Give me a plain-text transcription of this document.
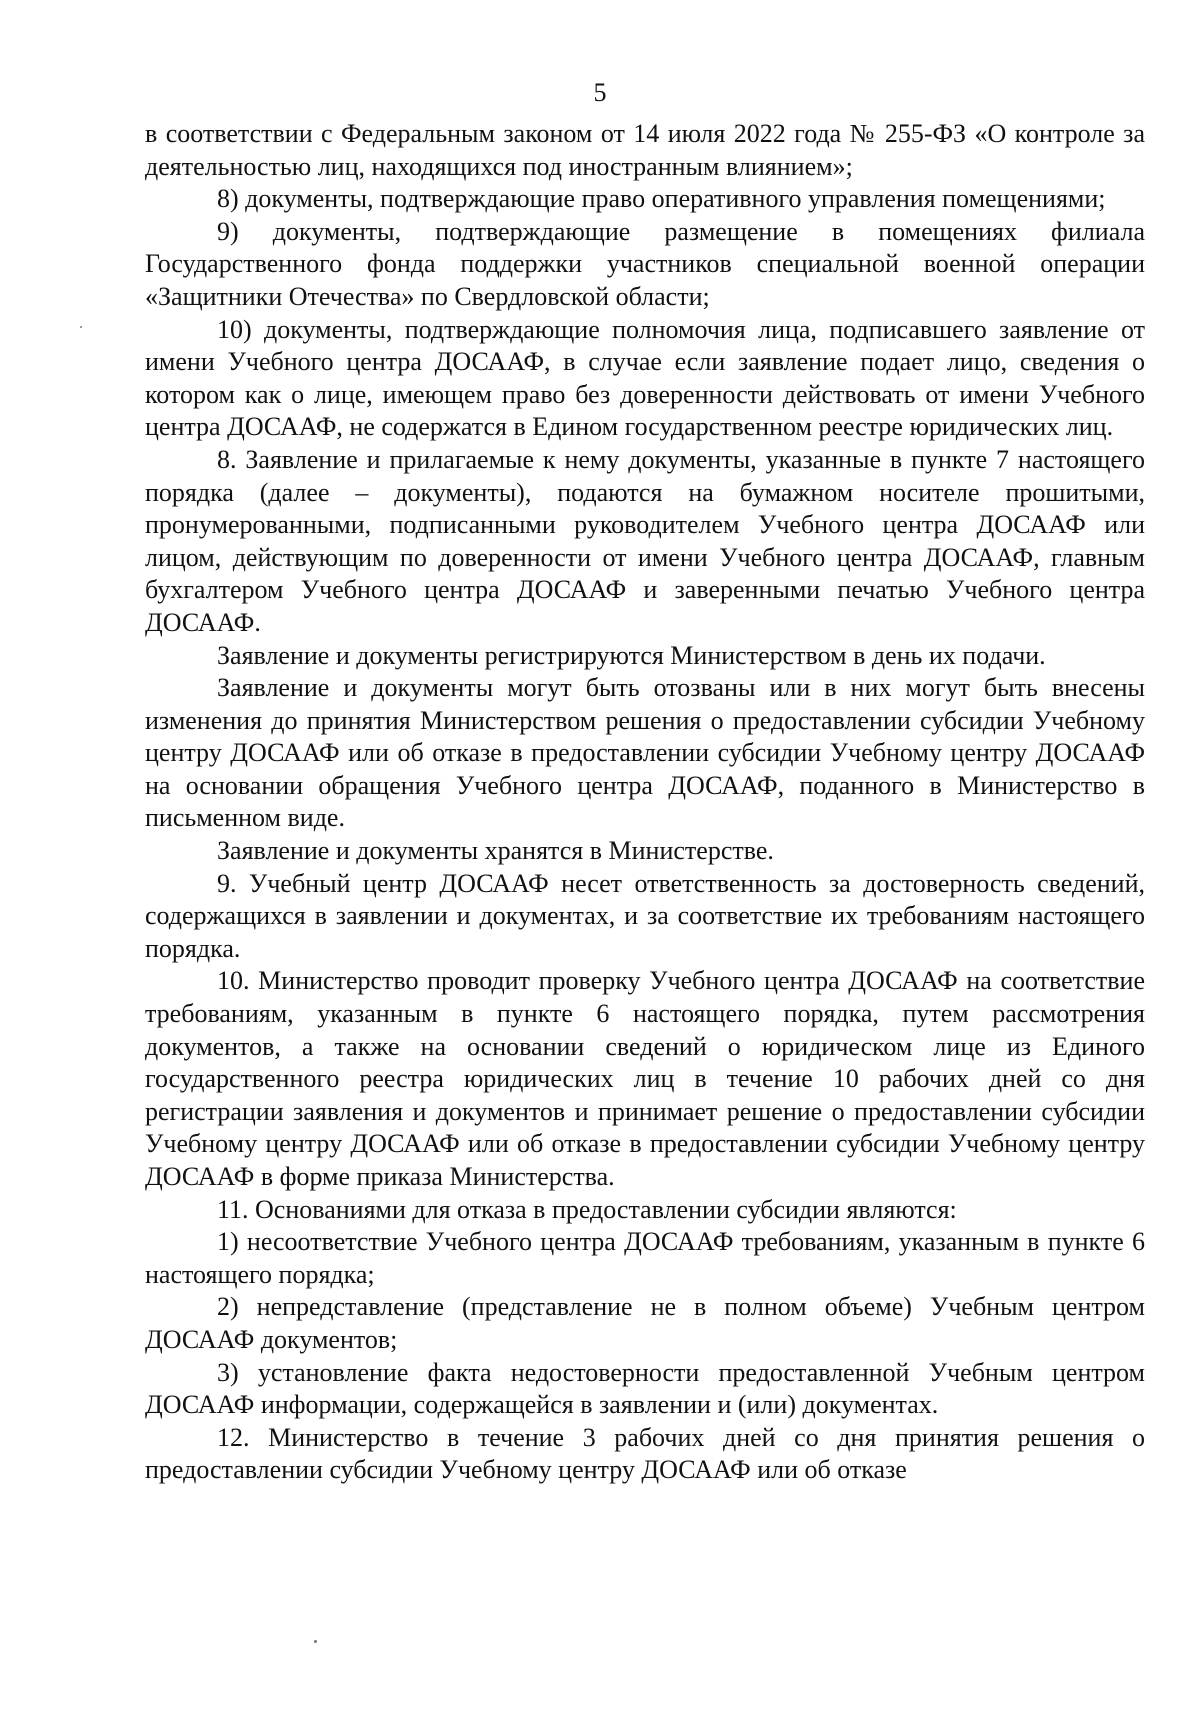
5

в соответствии с Федеральным законом от 14 июля 2022 года № 255-ФЗ «О контроле за деятельностью лиц, находящихся под иностранным влиянием»;

8) документы, подтверждающие право оперативного управления помещениями;

9) документы, подтверждающие размещение в помещениях филиала Государственного фонда поддержки участников специальной военной операции «Защитники Отечества» по Свердловской области;

10) документы, подтверждающие полномочия лица, подписавшего заявление от имени Учебного центра ДОСААФ, в случае если заявление подает лицо, сведения о котором как о лице, имеющем право без доверенности действовать от имени Учебного центра ДОСААФ, не содержатся в Едином государственном реестре юридических лиц.

8. Заявление и прилагаемые к нему документы, указанные в пункте 7 настоящего порядка (далее – документы), подаются на бумажном носителе прошитыми, пронумерованными, подписанными руководителем Учебного центра ДОСААФ или лицом, действующим по доверенности от имени Учебного центра ДОСААФ, главным бухгалтером Учебного центра ДОСААФ и заверенными печатью Учебного центра ДОСААФ.

Заявление и документы регистрируются Министерством в день их подачи.

Заявление и документы могут быть отозваны или в них могут быть внесены изменения до принятия Министерством решения о предоставлении субсидии Учебному центру ДОСААФ или об отказе в предоставлении субсидии Учебному центру ДОСААФ на основании обращения Учебного центра ДОСААФ, поданного в Министерство в письменном виде.

Заявление и документы хранятся в Министерстве.

9. Учебный центр ДОСААФ несет ответственность за достоверность сведений, содержащихся в заявлении и документах, и за соответствие их требованиям настоящего порядка.

10. Министерство проводит проверку Учебного центра ДОСААФ на соответствие требованиям, указанным в пункте 6 настоящего порядка, путем рассмотрения документов, а также на основании сведений о юридическом лице из Единого государственного реестра юридических лиц в течение 10 рабочих дней со дня регистрации заявления и документов и принимает решение о предоставлении субсидии Учебному центру ДОСААФ или об отказе в предоставлении субсидии Учебному центру ДОСААФ в форме приказа Министерства.

11. Основаниями для отказа в предоставлении субсидии являются:

1) несоответствие Учебного центра ДОСААФ требованиям, указанным в пункте 6 настоящего порядка;

2) непредставление (представление не в полном объеме) Учебным центром ДОСААФ документов;

3) установление факта недостоверности предоставленной Учебным центром ДОСААФ информации, содержащейся в заявлении и (или) документах.

12. Министерство в течение 3 рабочих дней со дня принятия решения о предоставлении субсидии Учебному центру ДОСААФ или об отказе
